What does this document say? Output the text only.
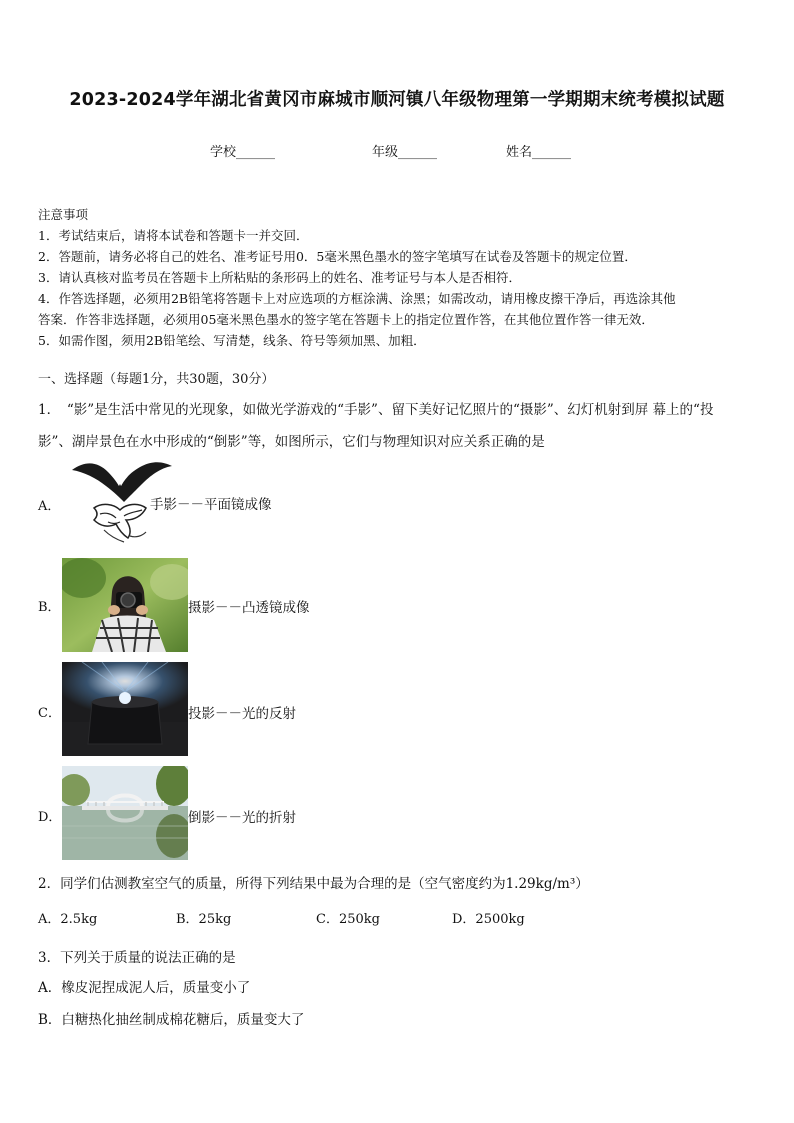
2023-2024学年湖北省黄冈市麻城市顺河镇八年级物理第一学期期末统考模拟试题
学校______	年级______	姓名______

注意事项

1．考试结束后，请将本试卷和答题卡一并交回．

2．答题前，请务必将自己的姓名、准考证号用0．5毫米黑色墨水的签字笔填写在试卷及答题卡的规定位置．

3．请认真核对监考员在答题卡上所粘贴的条形码上的姓名、准考证号与本人是否相符．

4．作答选择题，必须用2B铅笔将答题卡上对应选项的方框涂满、涂黑；如需改动，请用橡皮擦干净后，再选涂其他

答案．作答非选择题，必须用05毫米黑色墨水的签字笔在答题卡上的指定位置作答，在其他位置作答一律无效．

5．如需作图，须用2B铅笔绘、写清楚，线条、符号等须加黑、加粗．

一、选择题（每题1分，共30题，30分）
1．　“影”是生活中常见的光现象，如做光学游戏的“手影”、留下美好记忆照片的“摄影”、幻灯机射到屏 幕上的“投
影”、湖岸景色在水中形成的“倒影”等，如图所示，它们与物理知识对应关系正确的是
A．	手影－－平面镜成像
B．	摄影－－凸透镜成像
C．	投影－－光的反射
D．	倒影－－光的折射
2．同学们估测教室空气的质量，所得下列结果中最为合理的是（空气密度约为1.29kg/m³）
A．2.5kg	B．25kg	C．250kg	D．2500kg
3．下列关于质量的说法正确的是
A．橡皮泥捏成泥人后，质量变小了
B．白糖热化抽丝制成棉花糖后，质量变大了
